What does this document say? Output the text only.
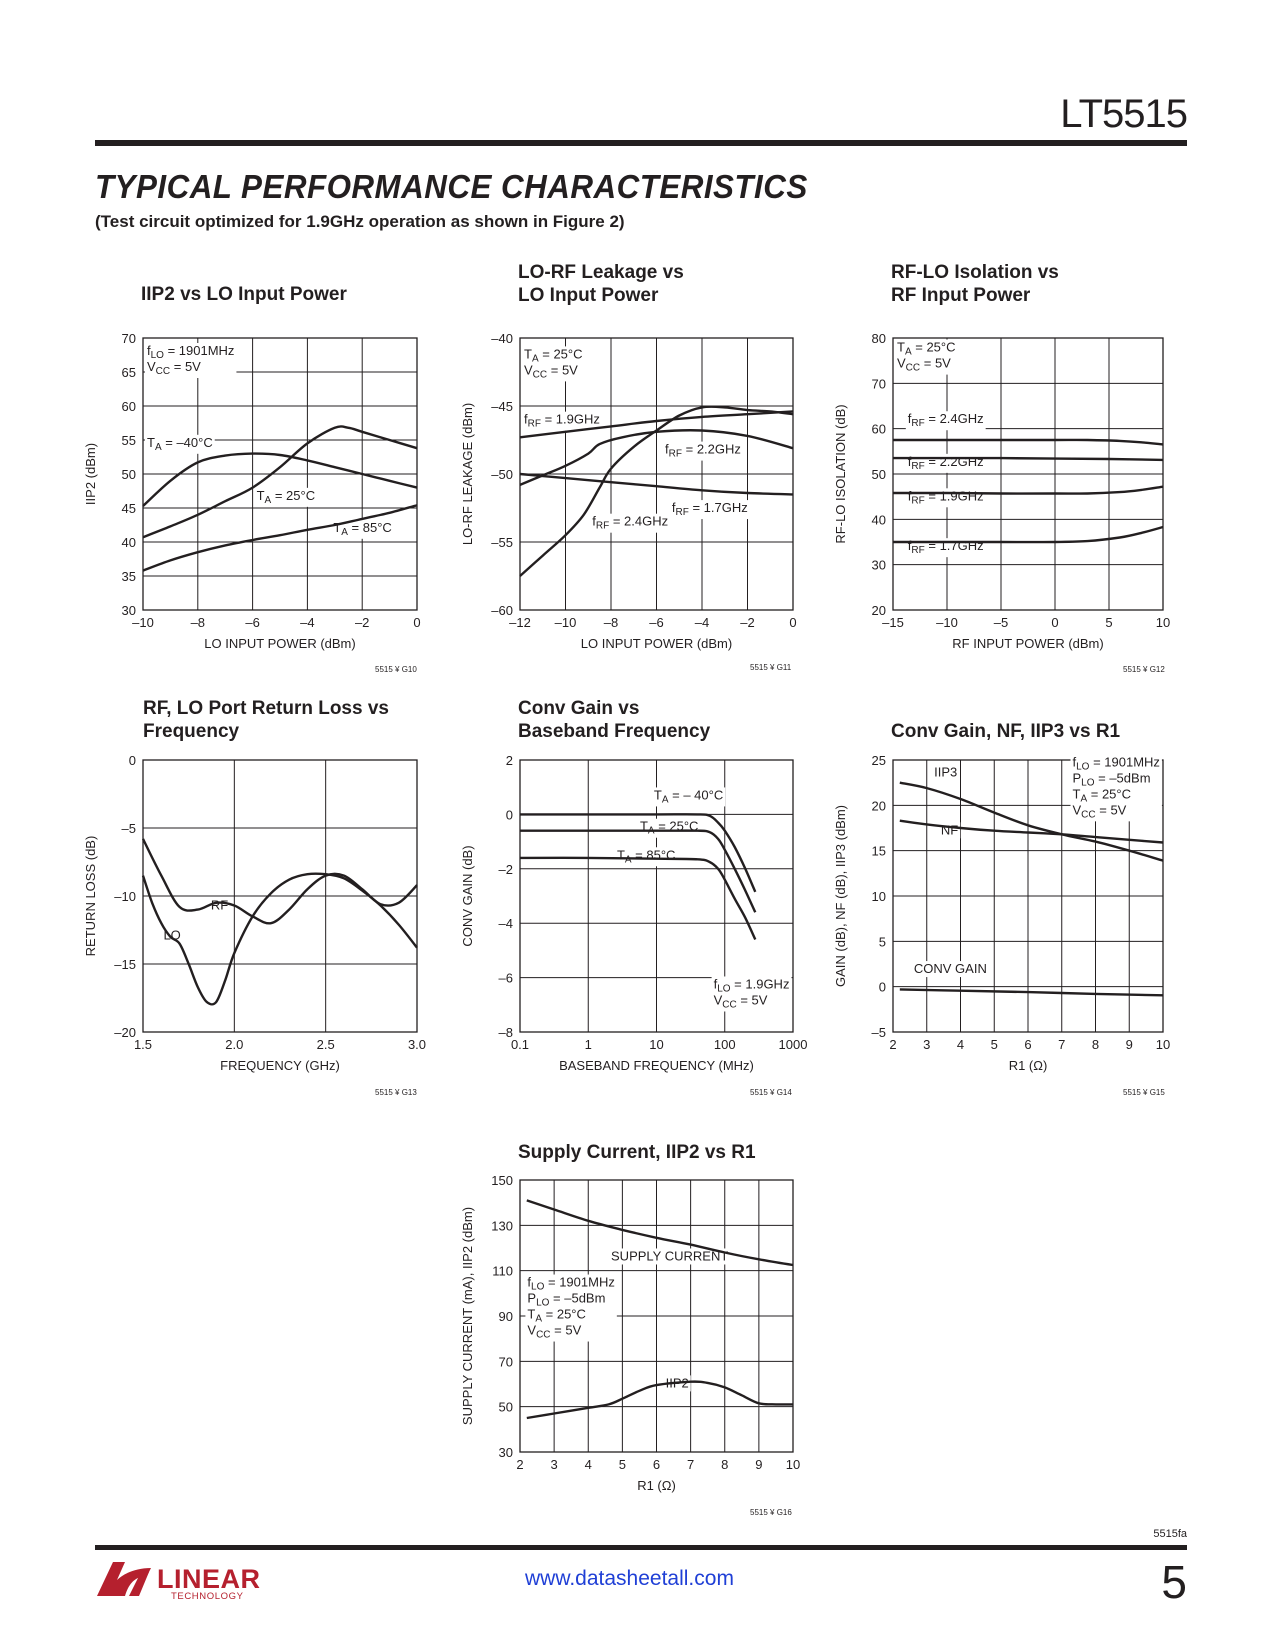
LT5515
TYPICAL PERFORMANCE CHARACTERISTICS
(Test circuit optimized for 1.9GHz operation as shown in Figure 2)
IIP2 vs LO Input Power
LO-RF Leakage vs
LO Input Power
RF-LO Isolation vs
RF Input Power
RF, LO Port Return Loss vs
Frequency
Conv Gain vs
Baseband Frequency	Conv Gain, NF, IIP3 vs R1
Supply Current, IIP2 vs R1
–10	–8	–6	–4	–2	0
30
35
40
45
50
55
60
65
70
LO INPUT POWER (dBm)
IIP2 (dBm)
$f_{LO} = 1901MHz$
$V_{CC} = 5V$
$T_A = -40^\circ C$
$T_A = 25^\circ C$
$T_A = 85^\circ C$
–12 –10 –8 –6 –4 –2	0
–60
–55
–50
–45
–40
LO INPUT POWER (dBm)
LO-RF LEAKAGE (dBm)
$T_A = 25^\circ C$
$V_{CC} = 5V$
$f_{RF} = 1.9GHz$
$f_{RF} = 2.2GHz$
$f_{RF} = 1.7GHz$
$f_{RF} = 2.4GHz$
–15 –10	–5	0	5	10
20
30
40
50
60
70
80
RF INPUT POWER (dBm)
RF-LO ISOLATION (dB)
$T_A = 25^\circ C$
$V_{CC} = 5V$
$f_{RF} = 2.4GHz$
$f_{RF} = 2.2GHz$
$f_{RF} = 1.9GHz$
$f_{RF} = 1.7GHz$
1.5	2.0	2.5	3.0
–20
–15
–10
–5
0
FREQUENCY (GHz)
RETURN LOSS (dB)	RF
LO
0.1	1	10	100	1000
–8
–6
–4
–2
0
2
BASEBAND FREQUENCY (MHz)
CONV GAIN (dB)
$T_A$ = – 40°C
$T_A = 25^\circ C$
$T_A = 85^\circ C$
$f_{LO} = 1.9GHz$
$V_{CC} = 5V$
2 3 4 5 6 7 8 9 10
–5
0
5
10
15
20
25
R1 (Ω)
GAIN (dB), NF (dB), IIP3 (dBm)
IIP3
NF
CONV GAIN
$f_{LO} = 1901MHz$
$P_{LO} = -5dBm$
$T_A = 25^\circ C$
$V_{CC} = 5V$
2 3 4 5 6 7 8 9 10
30
50
70
90
110
130
150
R1 (Ω)
SUPPLY CURRENT (mA), IIP2 (dBm)	SUPPLY CURRENT
$f_{LO} = 1901MHz$
$P_{LO} = -5dBm$
$T_A = 25^\circ C$
$V_{CC} = 5V$
IIP2
5515 ¥ G10	5515 ¥ G11	5515 ¥ G12
5515 ¥ G13	5515 ¥ G14	5515 ¥ G15
5515 ¥ G16
5515fa
LINEAR
TECHNOLOGY
www.datasheetall.com	5
